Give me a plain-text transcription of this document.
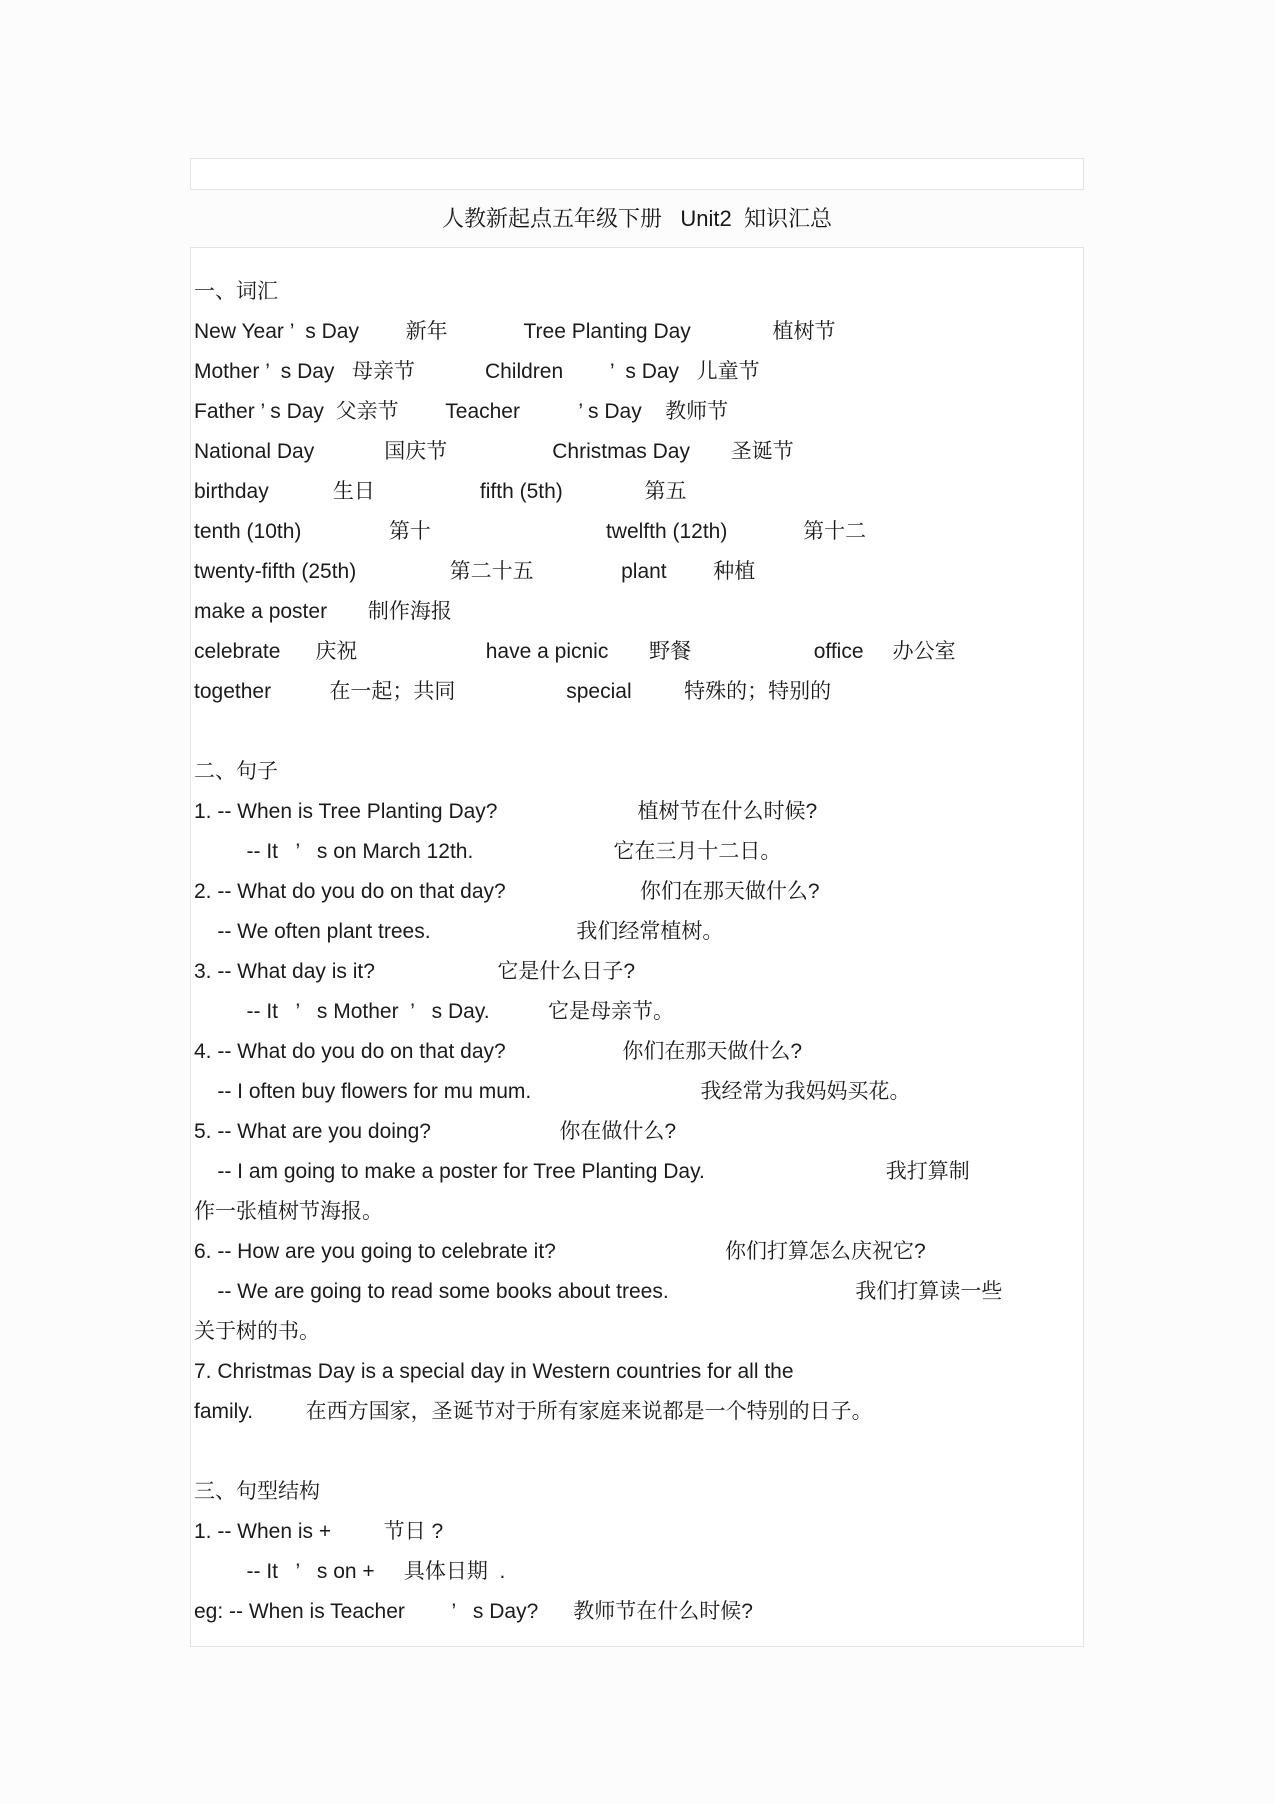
人教新起点五年级下册   Unit2  知识汇总
一、词汇
New Year ’  s Day        新年             Tree Planting Day              植树节
Mother ’  s Day   母亲节            Children        ’  s Day   儿童节
Father ’ s Day  父亲节        Teacher          ’ s Day    教师节
National Day            国庆节                  Christmas Day       圣诞节
birthday           生日                  fifth (5th)              第五
tenth (10th)               第十                              twelfth (12th)             第十二
twenty-fifth (25th)                第二十五               plant        种植
make a poster       制作海报
celebrate      庆祝                      have a picnic       野餐                     office     办公室
together          在一起；共同                   special         特殊的；特别的
二、句子
1. -- When is Tree Planting Day?                        植树节在什么时候?
-- It   ’   s on March 12th.                        它在三月十二日。
2. -- What do you do on that day?                       你们在那天做什么?
-- We often plant trees.                         我们经常植树。
3. -- What day is it?                     它是什么日子?
-- It   ’   s Mother  ’   s Day.          它是母亲节。
4. -- What do you do on that day?                    你们在那天做什么?
-- I often buy flowers for mu mum.                             我经常为我妈妈买花。
5. -- What are you doing?                      你在做什么?
-- I am going to make a poster for Tree Planting Day.                               我打算制
作一张植树节海报。
6. -- How are you going to celebrate it?                             你们打算怎么庆祝它?
-- We are going to read some books about trees.                                我们打算读一些
关于树的书。
7. Christmas Day is a special day in Western countries for all the
family.         在西方国家，圣诞节对于所有家庭来说都是一个特别的日子。
三、句型结构
1. -- When is +         节日 ?
-- It   ’   s on +     具体日期  .
eg: -- When is Teacher        ’   s Day?      教师节在什么时候?
